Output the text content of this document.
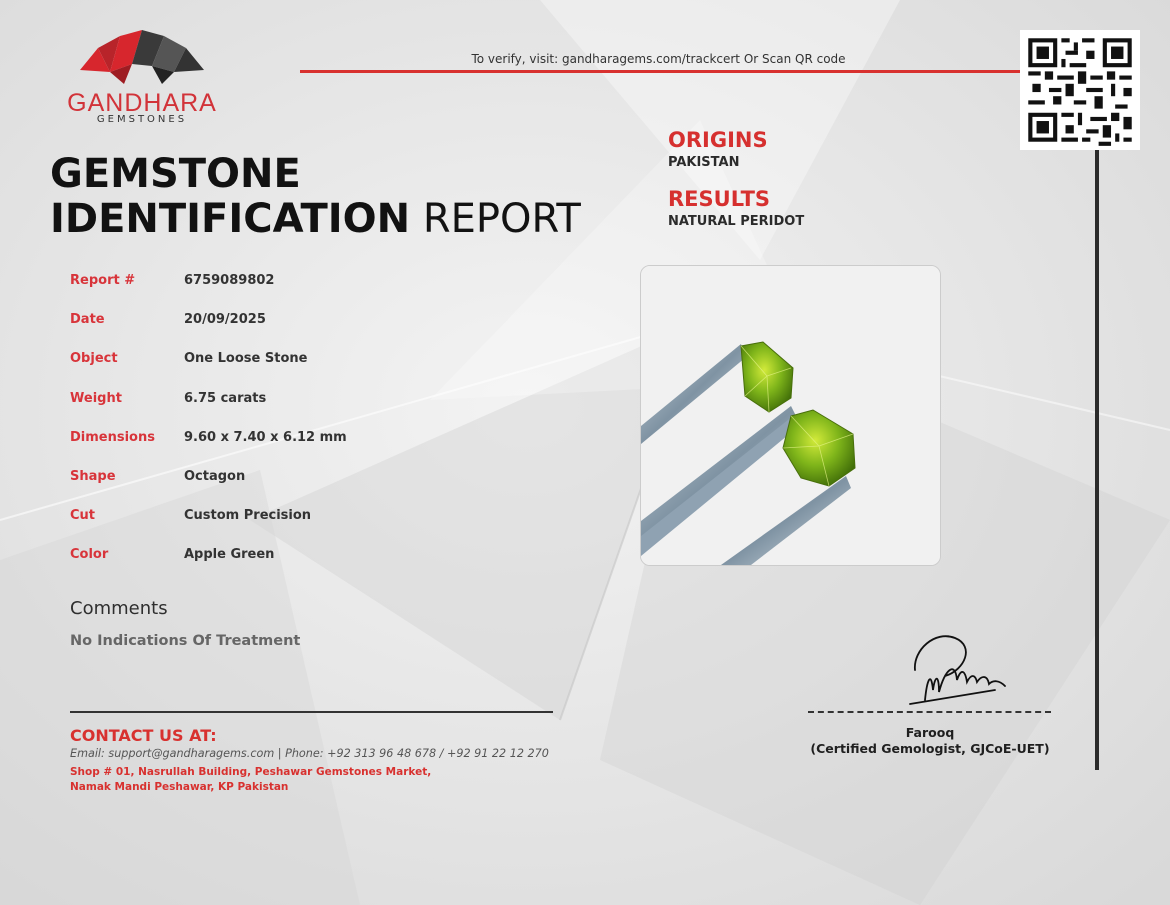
GANDHARA
GEMSTONES
To verify, visit: gandharagems.com/trackcert Or Scan QR code
GEMSTONE
IDENTIFICATION REPORT
ORIGINS
PAKISTAN
RESULTS
NATURAL PERIDOT
Report #	6759089802
Date	20/09/2025
Object	One Loose Stone
Weight	6.75 carats
Dimensions 9.60 x 7.40 x 6.12 mm
Shape	Octagon
Cut	Custom Precision
Color	Apple Green
Comments
No Indications Of Treatment
CONTACT US AT:
Email: support@gandharagems.com | Phone: +92 313 96 48 678 / +92 91 22 12 270
Shop # 01, Nasrullah Building, Peshawar Gemstones Market,
Namak Mandi Peshawar, KP Pakistan
Farooq
(Certified Gemologist, GJCoE-UET)
